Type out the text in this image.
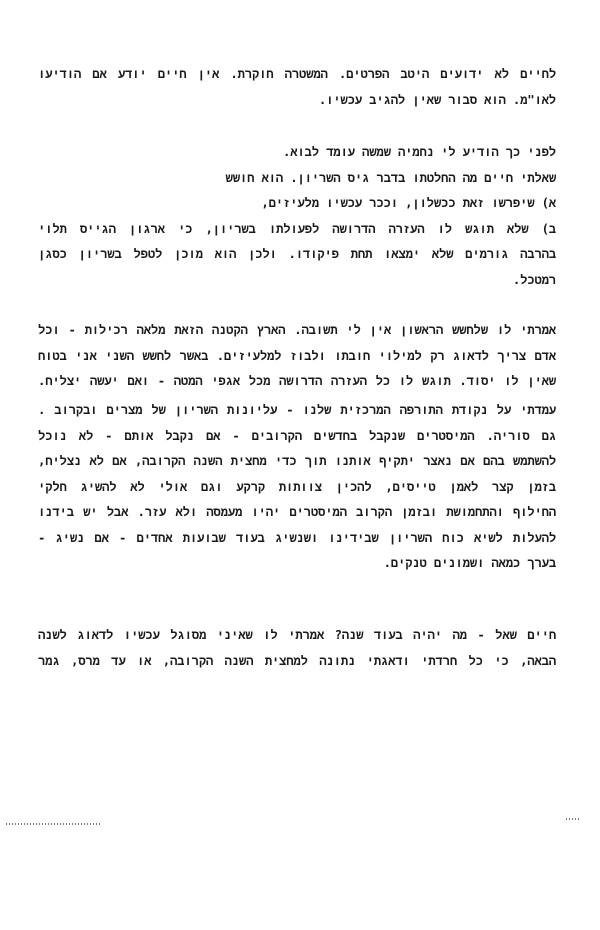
לחיים לא ידועים היטב הפרטים. המשטרה חוקרת. אין חיים יודע אם הודיעו
לאו"מ. הוא סבור שאין להגיב עכשיו.
לפני כך הודיע לי נחמיה שמשה עומד לבוא.
שאלתי חיים מה החלטתו בדבר גיס השריון. הוא חושש
א) שיפרשו זאת ככשלון, וככר עכשיו מלעיזים,
ב) שלא תוגש לו העזרה הדרושה לפעולתו בשריון, כי ארגון הגייס תלוי
בהרבה גורמים שלא ימצאו תחת פיקודו. ולכן הוא מוכן לטפל בשריון כסגן
רמטכל.
אמרתי לו שלחשש הראשון אין לי תשובה. הארץ הקטנה הזאת מלאה רכילות - וכל
אדם צריך לדאוג רק למילוי חובתו ולבוז למלעיזים. באשר לחשש השני אני בטוח
שאין לו יסוד. תוגש לו כל העזרה הדרושה מכל אגפי המטה - ואם יעשה יצליח.
עמדתי על נקודת התורפה המרכזית שלנו - עליונות השריון של מצרים ובקרוב .
גם סוריה. המיסטרים שנקבל בחדשים הקרובים - אם נקבל אותם - לא נוכל
להשתמש בהם אם נאצר יתקיף אותנו תוך כדי מחצית השנה הקרובה, אם לא נצליח,
בזמן קצר לאמן טייסים, להכין צוותות קרקע וגם אולי לא להשיג חלקי
החילוף והתחמושת ובזמן הקרוב המיסטרים יהיו מעמסה ולא עזר. אבל יש בידנו
להעלות לשיא כוח השריון שבידינו ושנשיג בעוד שבועות אחדים - אם נשיג -
בערך כמאה ושמונים טנקים.
חיים שאל - מה יהיה בעוד שנה? אמרתי לו שאיני מסוגל עכשיו לדאוג לשנה
הבאה, כי כל חרדתי ודאגתי נתונה למחצית השנה הקרובה, או עד מרס, גמר
